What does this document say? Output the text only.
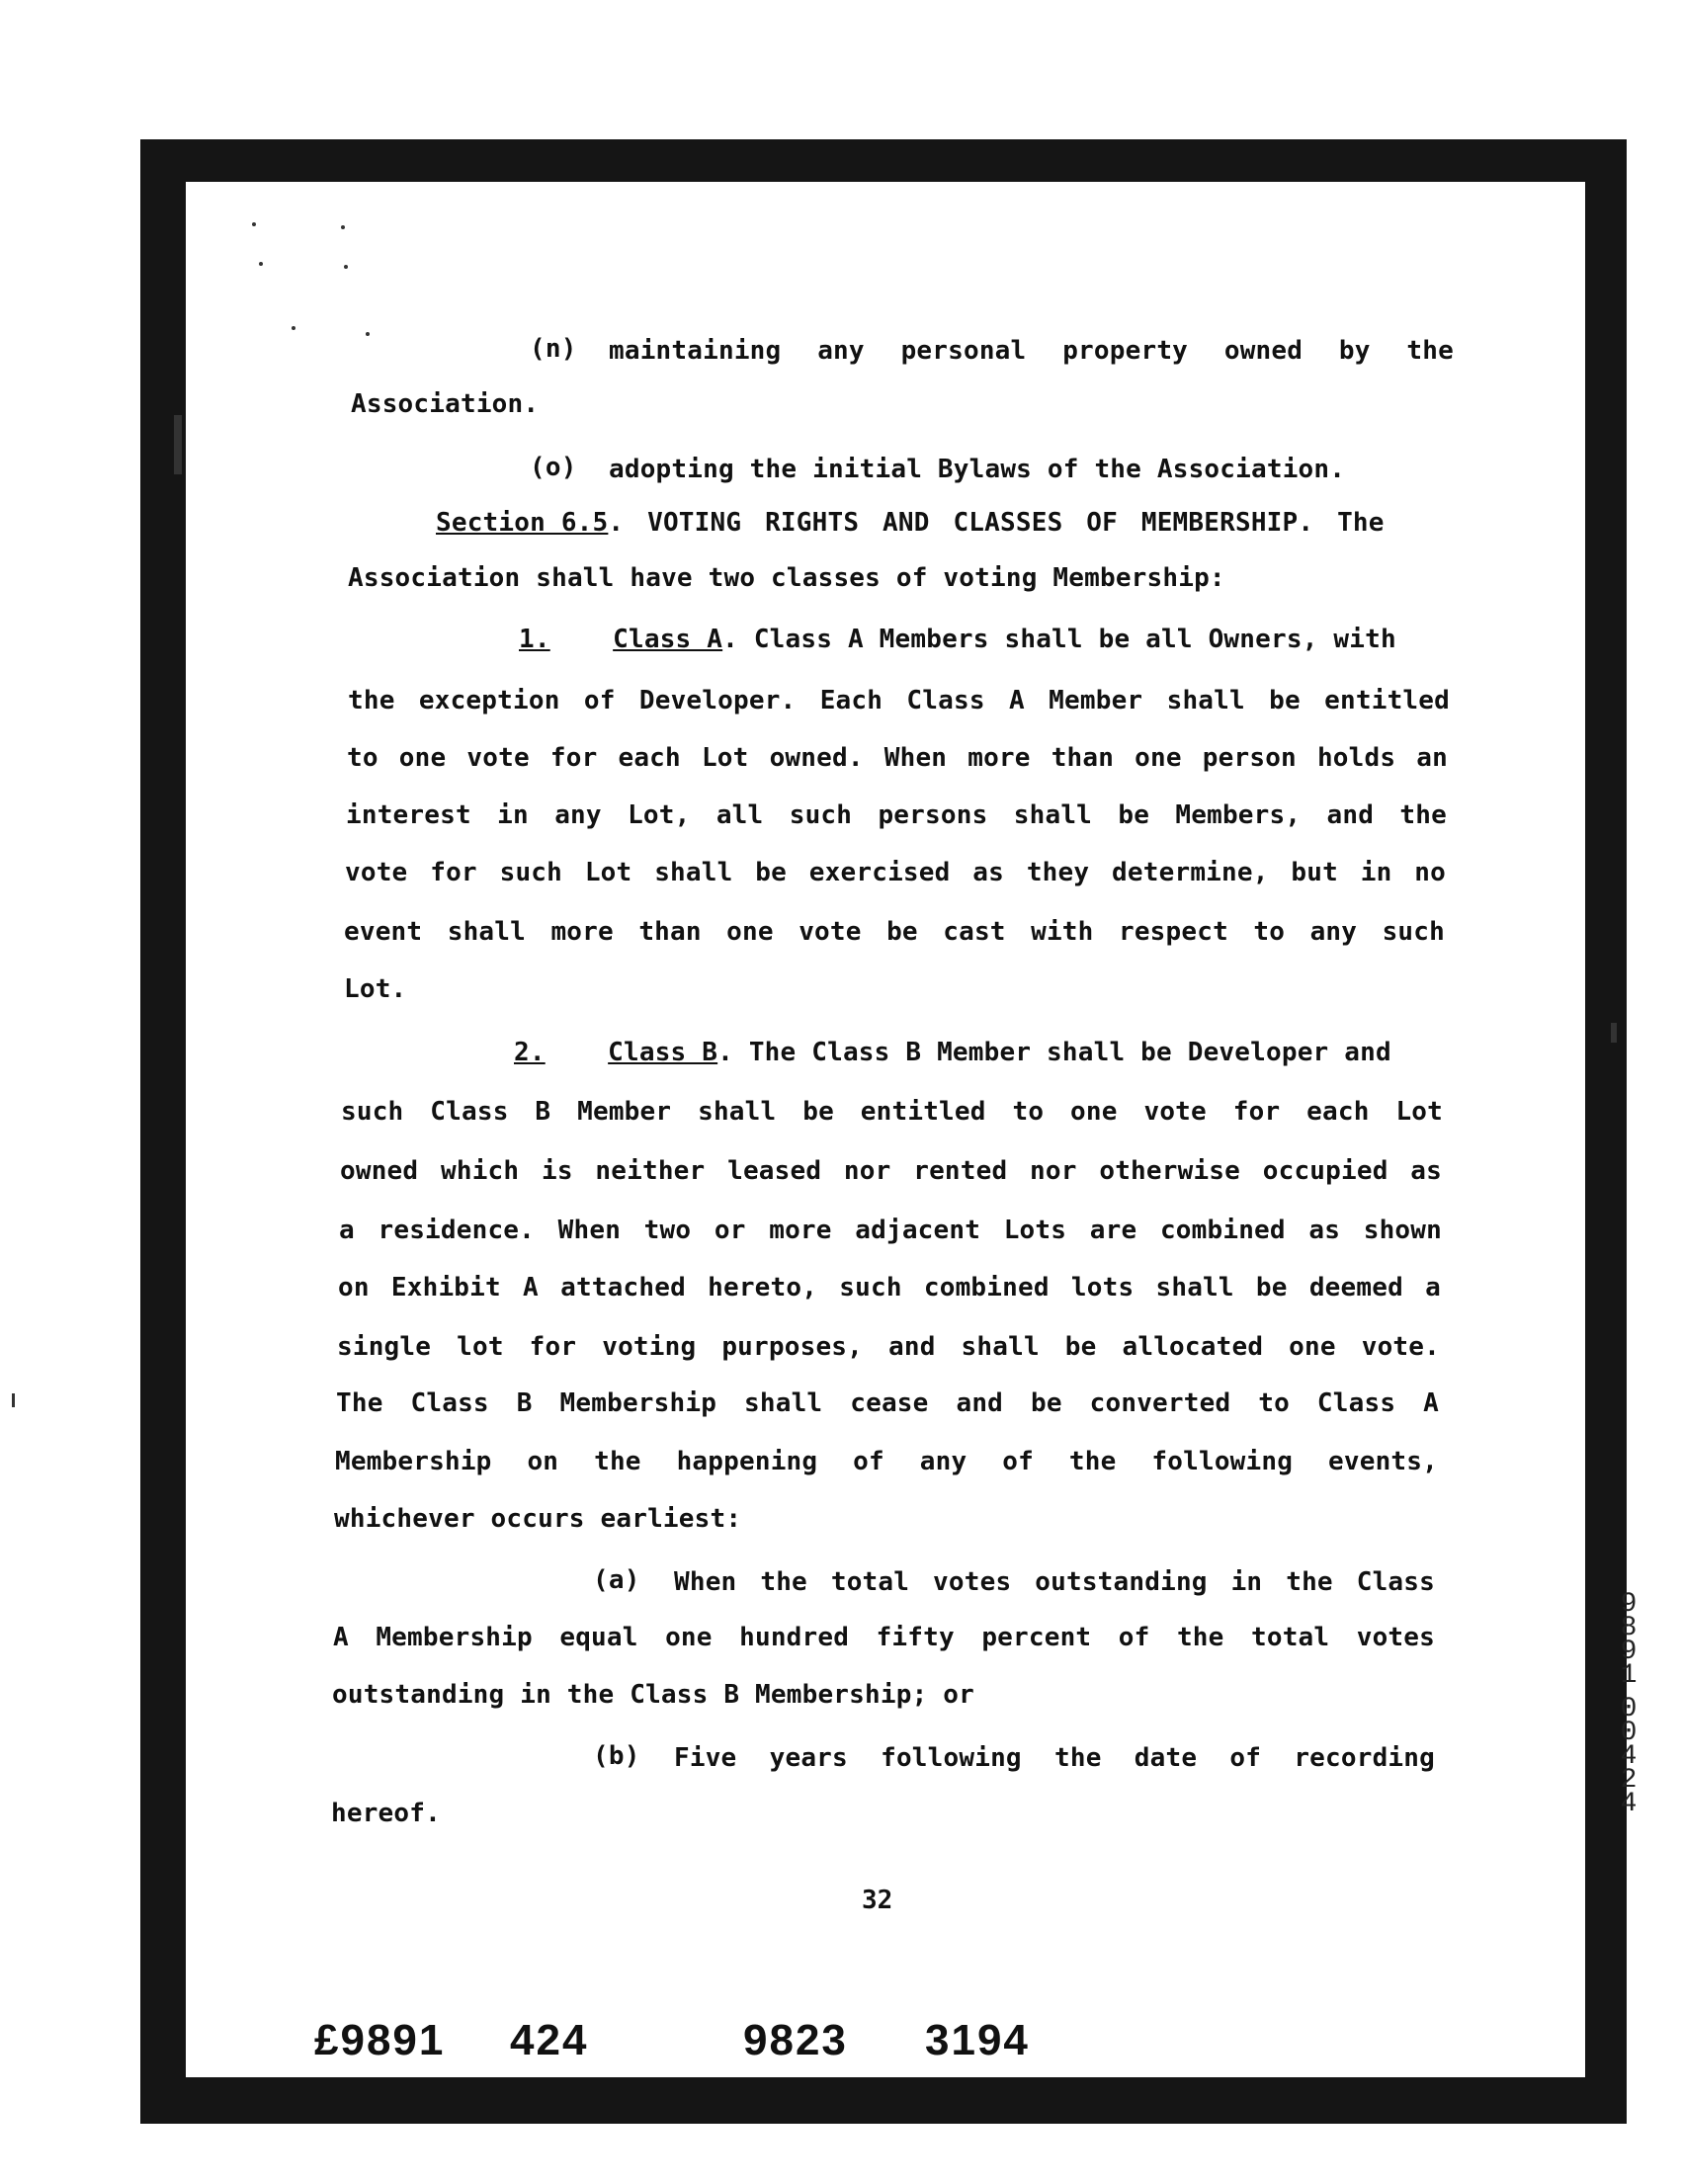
(n) maintaining any personal property owned by the
Association.
(o) adopting the initial Bylaws of the Association.
Section 6.5. VOTING RIGHTS AND CLASSES OF MEMBERSHIP. The
Association shall have two classes of voting Membership:
1. Class A. Class A Members shall be all Owners, with
the exception of Developer. Each Class A Member shall be entitled
to one vote for each Lot owned. When more than one person holds an
interest in any Lot, all such persons shall be Members, and the
vote for such Lot shall be exercised as they determine, but in no
event shall more than one vote be cast with respect to any such
Lot.
2. Class B. The Class B Member shall be Developer and
such Class B Member shall be entitled to one vote for each Lot
owned which is neither leased nor rented nor otherwise occupied as
a residence. When two or more adjacent Lots are combined as shown
on Exhibit A attached hereto, such combined lots shall be deemed a
single lot for voting purposes, and shall be allocated one vote.
The Class B Membership shall cease and be converted to Class A
Membership on the happening of any of the following events,
whichever occurs earliest:
(a) When the total votes outstanding in the Class
A Membership equal one hundred fifty percent of the total votes
outstanding in the Class B Membership; or
(b) Five years following the date of recording
hereof.
32
£9891 424	9823 3194
9
8
9
1
0
0
4
2
4
